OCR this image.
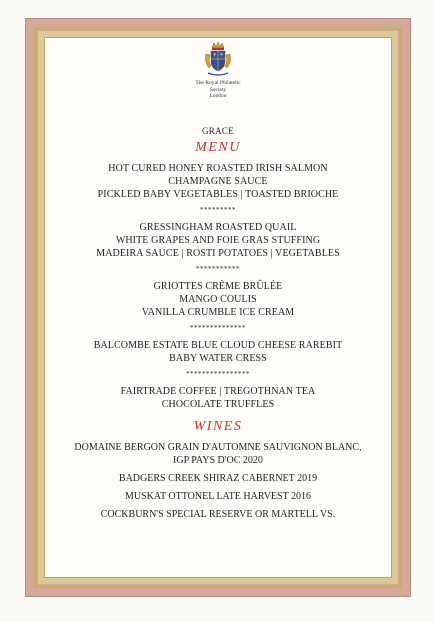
The Royal Philatelic
Society
London
GRACE
MENU
HOT CURED HONEY ROASTED IRISH SALMON
CHAMPAGNE SAUCE
PICKLED BABY VEGETABLES | TOASTED BRIOCHE
*********
GRESSINGHAM ROASTED QUAIL
WHITE GRAPES AND FOIE GRAS STUFFING
MADEIRA SAUCE | ROSTI POTATOES | VEGETABLES
***********
GRIOTTES CRÈME BRÛLÉE
MANGO COULIS
VANILLA CRUMBLE ICE CREAM
**************
BALCOMBE ESTATE BLUE CLOUD CHEESE RAREBIT
BABY WATER CRESS
****************
FAIRTRADE COFFEE | TREGOTHNAN TEA
CHOCOLATE TRUFFLES
WINES
DOMAINE BERGON GRAIN D'AUTOMNE SAUVIGNON BLANC,
IGP PAYS D'OC 2020
BADGERS CREEK SHIRAZ CABERNET 2019
MUSKAT OTTONEL LATE HARVEST 2016
COCKBURN'S SPECIAL RESERVE OR MARTELL VS.
